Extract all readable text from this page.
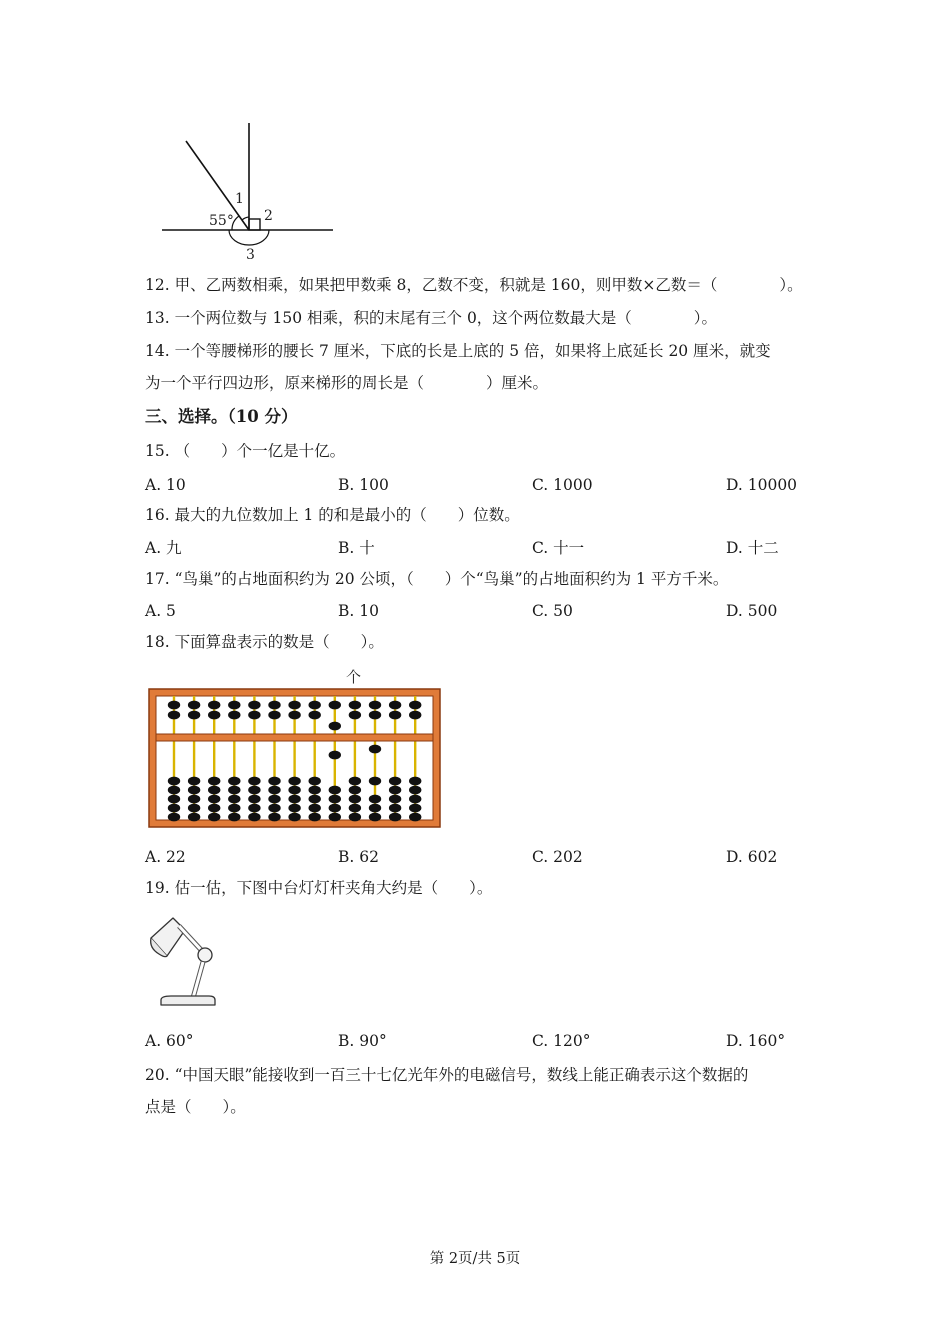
1
2
55°
3
12. 甲、乙两数相乘，如果把甲数乘 8，乙数不变，积就是 160，则甲数×乙数＝（　　　　）。
13. 一个两位数与 150 相乘，积的末尾有三个 0，这个两位数最大是（　　　　）。
14. 一个等腰梯形的腰长 7 厘米，下底的长是上底的 5 倍，如果将上底延长 20 厘米，就变
为一个平行四边形，原来梯形的周长是（　　　　）厘米。
三、选择。（10 分）
15. （　　）个一亿是十亿。
A. 10	B. 100	C. 1000	D. 10000
16. 最大的九位数加上 1 的和是最小的（　　）位数。
A. 九	B. 十	C. 十一	D. 十二
17. “鸟巢”的占地面积约为 20 公顷，（　　）个“鸟巢”的占地面积约为 1 平方千米。
A. 5	B. 10	C. 50	D. 500
18. 下面算盘表示的数是（　　）。
个
A. 22	B. 62	C. 202	D. 602
19. 估一估，下图中台灯灯杆夹角大约是（　　）。
A. 60°	B. 90°	C. 120°	D. 160°
20. “中国天眼”能接收到一百三十七亿光年外的电磁信号，数线上能正确表示这个数据的
点是（　　）。
第 2页/共 5页
